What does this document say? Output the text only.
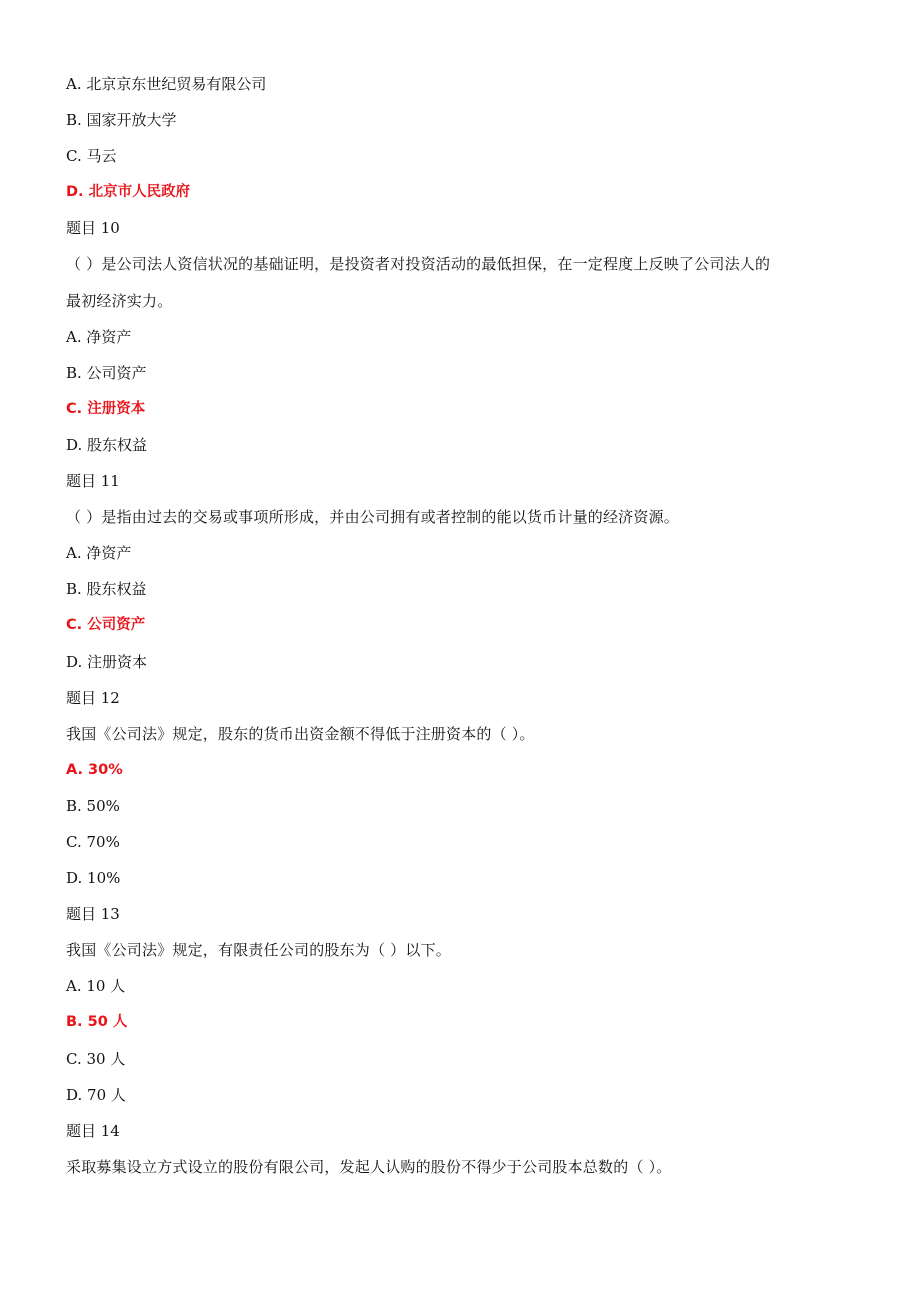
A. 北京京东世纪贸易有限公司
B. 国家开放大学
C. 马云
D. 北京市人民政府
题目 10
（ ）是公司法人资信状况的基础证明，是投资者对投资活动的最低担保，在一定程度上反映了公司法人的
最初经济实力。
A. 净资产
B. 公司资产
C. 注册资本
D. 股东权益
题目 11
（ ）是指由过去的交易或事项所形成，并由公司拥有或者控制的能以货币计量的经济资源。
A. 净资产
B. 股东权益
C. 公司资产
D. 注册资本
题目 12
我国《公司法》规定，股东的货币出资金额不得低于注册资本的（ ）。
A. 30%
B. 50%
C. 70%
D. 10%
题目 13
我国《公司法》规定，有限责任公司的股东为（ ）以下。
A. 10 人
B. 50 人
C. 30 人
D. 70 人
题目 14
采取募集设立方式设立的股份有限公司，发起人认购的股份不得少于公司股本总数的（ ）。
